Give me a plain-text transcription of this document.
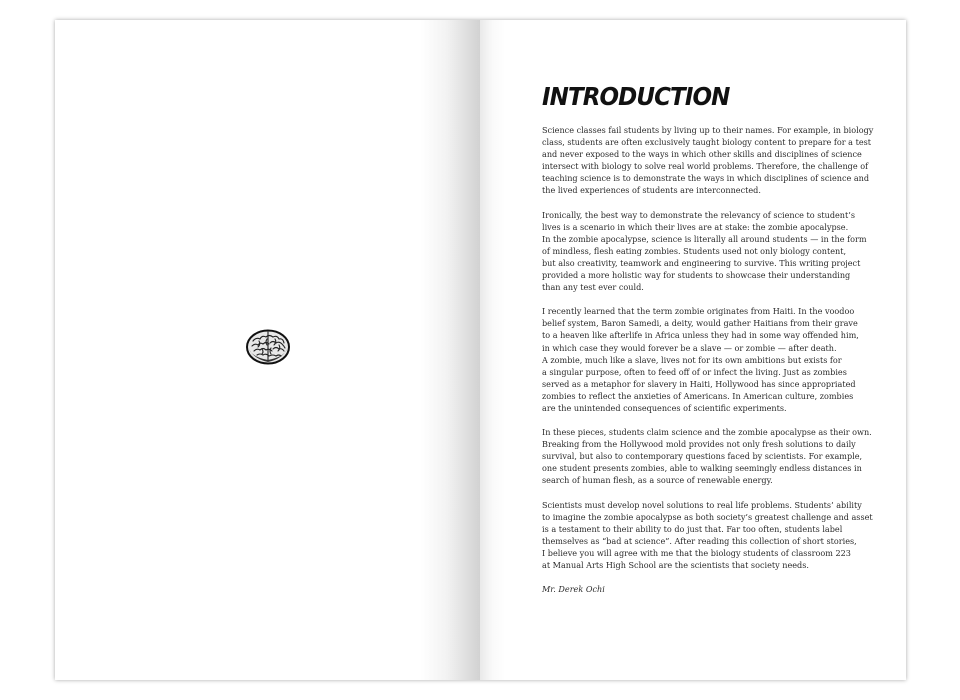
INTRODUCTION
Science classes fail students by living up to their names. For example, in biology
class, students are often exclusively taught biology content to prepare for a test
and never exposed to the ways in which other skills and disciplines of science
intersect with biology to solve real world problems. Therefore, the challenge of
teaching science is to demonstrate the ways in which disciplines of science and
the lived experiences of students are interconnected.
Ironically, the best way to demonstrate the relevancy of science to student’s
lives is a scenario in which their lives are at stake: the zombie apocalypse.
In the zombie apocalypse, science is literally all around students — in the form
of mindless, flesh eating zombies. Students used not only biology content,
but also creativity, teamwork and engineering to survive. This writing project
provided a more holistic way for students to showcase their understanding
than any test ever could.
I recently learned that the term zombie originates from Haiti. In the voodoo
belief system, Baron Samedi, a deity, would gather Haitians from their grave
to a heaven like afterlife in Africa unless they had in some way offended him,
in which case they would forever be a slave — or zombie — after death.
A zombie, much like a slave, lives not for its own ambitions but exists for
a singular purpose, often to feed off of or infect the living. Just as zombies
served as a metaphor for slavery in Haiti, Hollywood has since appropriated
zombies to reflect the anxieties of Americans. In American culture, zombies
are the unintended consequences of scientific experiments.
In these pieces, students claim science and the zombie apocalypse as their own.
Breaking from the Hollywood mold provides not only fresh solutions to daily
survival, but also to contemporary questions faced by scientists. For example,
one student presents zombies, able to walking seemingly endless distances in
search of human flesh, as a source of renewable energy.
Scientists must develop novel solutions to real life problems. Students’ ability
to imagine the zombie apocalypse as both society’s greatest challenge and asset
is a testament to their ability to do just that. Far too often, students label
themselves as “bad at science”. After reading this collection of short stories,
I believe you will agree with me that the biology students of classroom 223
at Manual Arts High School are the scientists that society needs.
Mr. Derek Ochi
